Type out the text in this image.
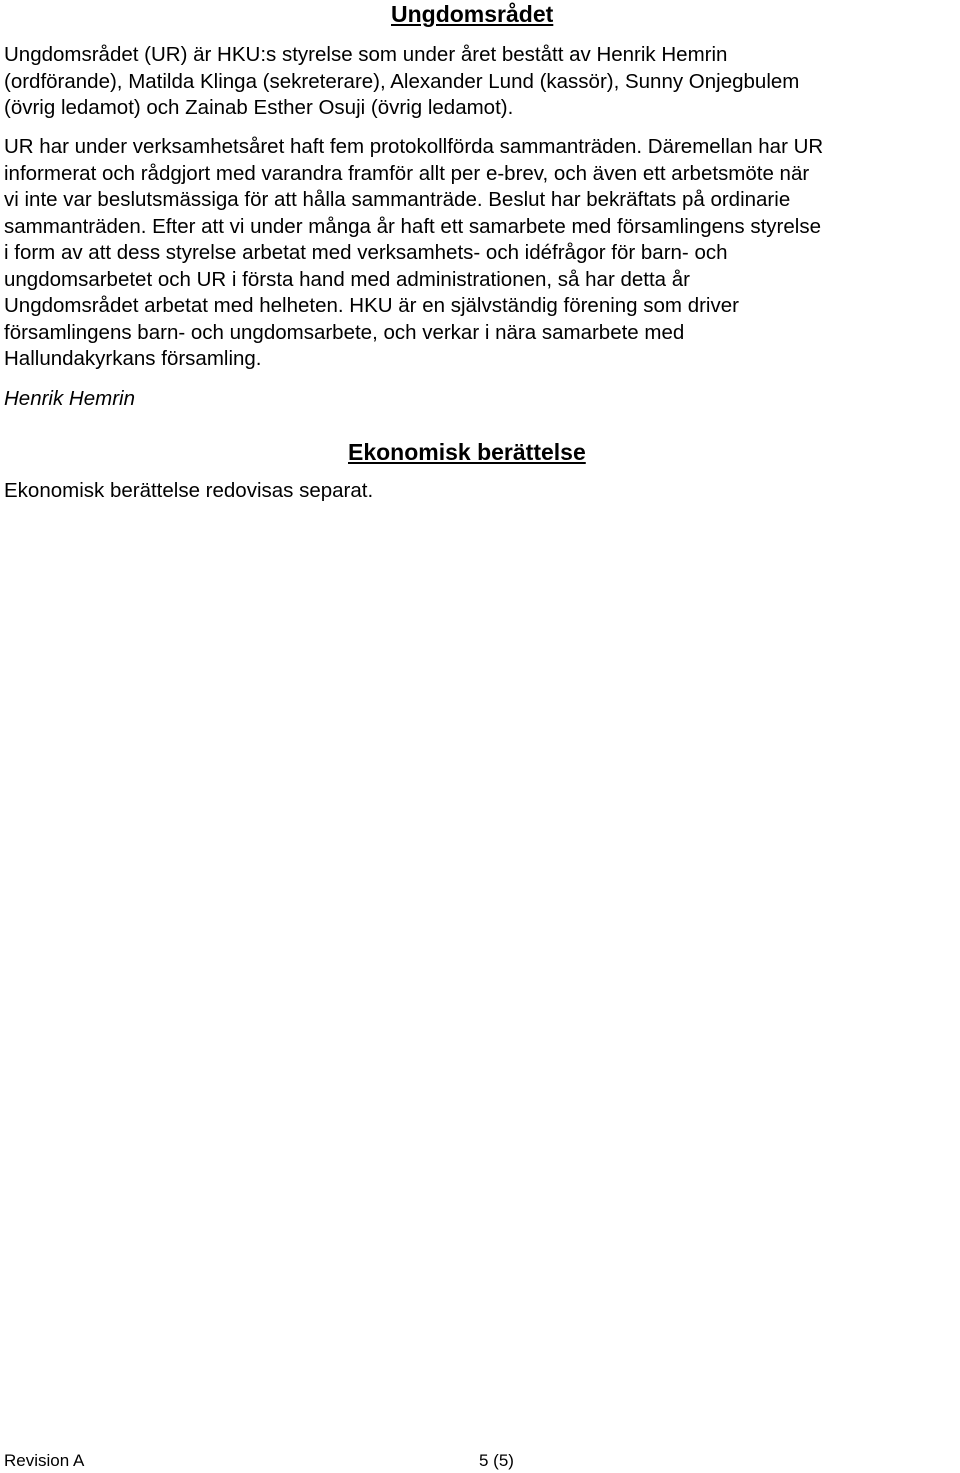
Ungdomsrådet

Ungdomsrådet (UR) är HKU:s styrelse som under året bestått av Henrik Hemrin
(ordförande), Matilda Klinga (sekreterare), Alexander Lund (kassör), Sunny Onjegbulem
(övrig ledamot) och Zainab Esther Osuji (övrig ledamot).

UR har under verksamhetsåret haft fem protokollförda sammanträden. Däremellan har UR
informerat och rådgjort med varandra framför allt per e-brev, och även ett arbetsmöte när
vi inte var beslutsmässiga för att hålla sammanträde. Beslut har bekräftats på ordinarie
sammanträden. Efter att vi under många år haft ett samarbete med församlingens styrelse
i form av att dess styrelse arbetat med verksamhets- och idéfrågor för barn- och
ungdomsarbetet och UR i första hand med administrationen, så har detta år
Ungdomsrådet arbetat med helheten. HKU är en självständig förening som driver
församlingens barn- och ungdomsarbete, och verkar i nära samarbete med
Hallundakyrkans församling.

Henrik Hemrin
Ekonomisk berättelse
Ekonomisk berättelse redovisas separat.
Revision A	5 (5)
